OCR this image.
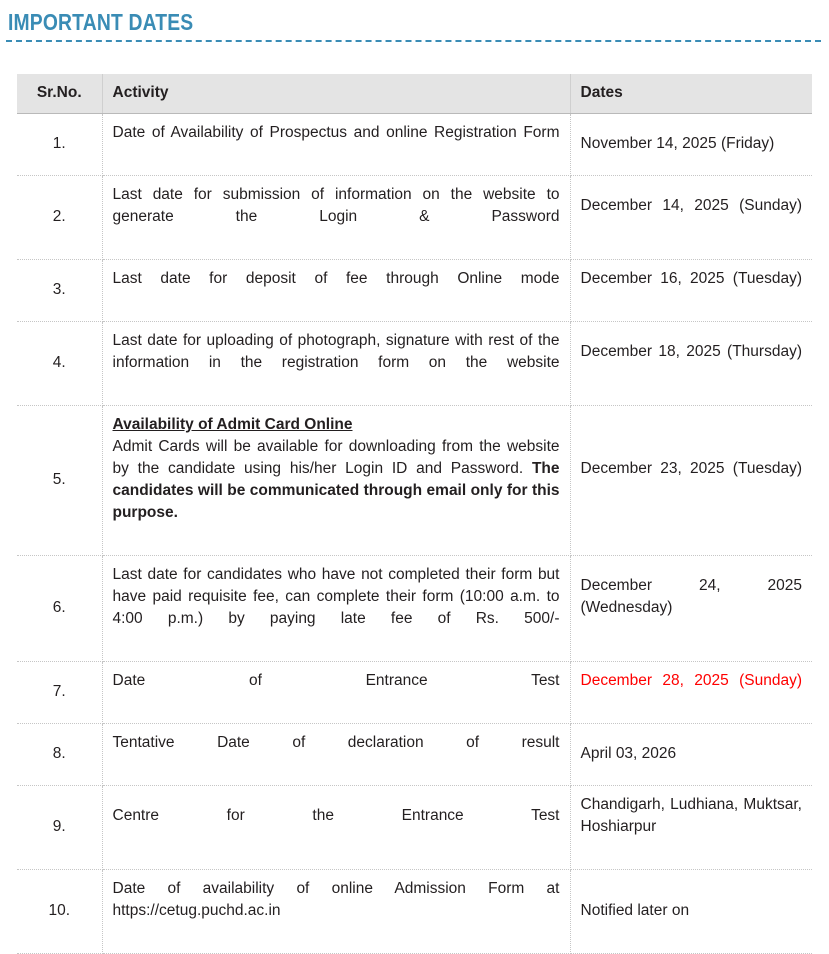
IMPORTANT DATES
Sr.No.	Activity	Dates
1.	Date of Availability of Prospectus and online Registration Form	November 14, 2025 (Friday)
2.	Last date for submission of information on the website to generate the Login & Password	December 14, 2025 (Sunday)
3.	Last date for deposit of fee through Online mode	December 16, 2025 (Tuesday)
4.	Last date for uploading of photograph, signature with rest of the information in the registration form on the website	December 18, 2025 (Thursday)
5.	Availability of Admit Card Online
Admit Cards will be available for downloading from the website by the candidate using his/her Login ID and Password. The candidates will be communicated through email only for this purpose.	December 23, 2025 (Tuesday)
6.	Last date for candidates who have not completed their form but have paid requisite fee, can complete their form (10:00 a.m. to 4:00 p.m.) by paying late fee of Rs. 500/-	December 24, 2025 (Wednesday)
7.	Date of Entrance Test	December 28, 2025 (Sunday)
8.	Tentative Date of declaration of result	April 03, 2026
9.	Centre for the Entrance Test	Chandigarh, Ludhiana, Muktsar, Hoshiarpur
10.	Date of availability of online Admission Form at https://cetug.puchd.ac.in	Notified later on
